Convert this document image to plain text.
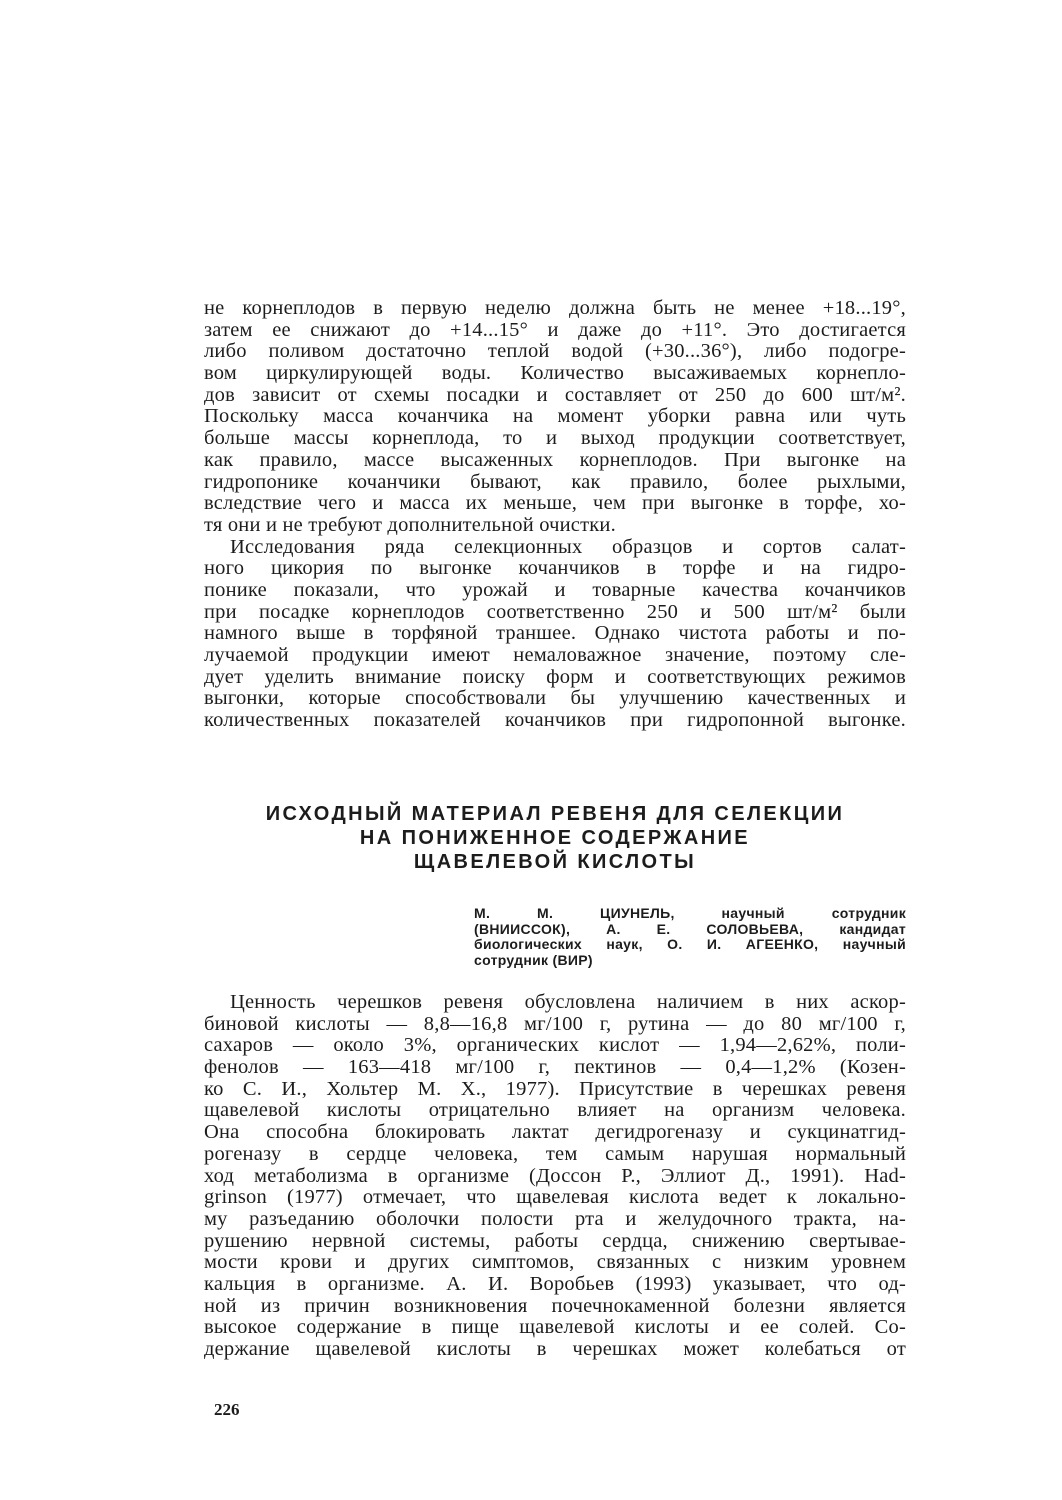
не корнеплодов в первую неделю должна быть не менее +18...19°,
затем ее снижают до +14...15° и даже до +11°. Это достигается
либо поливом достаточно теплой водой (+30...36°), либо подогре-
вом циркулирующей воды. Количество высаживаемых корнепло-
дов зависит от схемы посадки и составляет от 250 до 600 шт/м².
Поскольку масса кочанчика на момент уборки равна или чуть
больше массы корнеплода, то и выход продукции соответствует,
как правило, массе высаженных корнеплодов. При выгонке на
гидропонике кочанчики бывают, как правило, более рыхлыми,
вследствие чего и масса их меньше, чем при выгонке в торфе, хо-
тя они и не требуют дополнительной очистки.
Исследования ряда селекционных образцов и сортов салат-
ного цикория по выгонке кочанчиков в торфе и на гидро-
понике показали, что урожай и товарные качества кочанчиков
при посадке корнеплодов соответственно 250 и 500 шт/м² были
намного выше в торфяной траншее. Однако чистота работы и по-
лучаемой продукции имеют немаловажное значение, поэтому сле-
дует уделить внимание поиску форм и соответствующих режимов
выгонки, которые способствовали бы улучшению качественных и
количественных показателей кочанчиков при гидропонной выгонке.
ИСХОДНЫЙ МАТЕРИАЛ РЕВЕНЯ ДЛЯ СЕЛЕКЦИИ
НА ПОНИЖЕННОЕ СОДЕРЖАНИЕ
ЩАВЕЛЕВОЙ КИСЛОТЫ
М. М. ЦИУНЕЛЬ, научный сотрудник
(ВНИИССОК), А. Е. СОЛОВЬЕВА, кандидат
биологических наук, О. И. АГЕЕНКО, научный
сотрудник (ВИР)
Ценность черешков ревеня обусловлена наличием в них аскор-
биновой кислоты — 8,8—16,8 мг/100 г, рутина — до 80 мг/100 г,
сахаров — около 3%, органических кислот — 1,94—2,62%, поли-
фенолов — 163—418 мг/100 г, пектинов — 0,4—1,2% (Козен-
ко С. И., Хольтер М. Х., 1977). Присутствие в черешках ревеня
щавелевой кислоты отрицательно влияет на организм человека.
Она способна блокировать лактат дегидрогеназу и сукцинатгид-
рогеназу в сердце человека, тем самым нарушая нормальный
ход метаболизма в организме (Доссон Р., Эллиот Д., 1991). Had-
grinson (1977) отмечает, что щавелевая кислота ведет к локально-
му разъеданию оболочки полости рта и желудочного тракта, на-
рушению нервной системы, работы сердца, снижению свертывае-
мости крови и других симптомов, связанных с низким уровнем
кальция в организме. А. И. Воробьев (1993) указывает, что од-
ной из причин возникновения почечнокаменной болезни является
высокое содержание в пище щавелевой кислоты и ее солей. Со-
держание щавелевой кислоты в черешках может колебаться от
226
